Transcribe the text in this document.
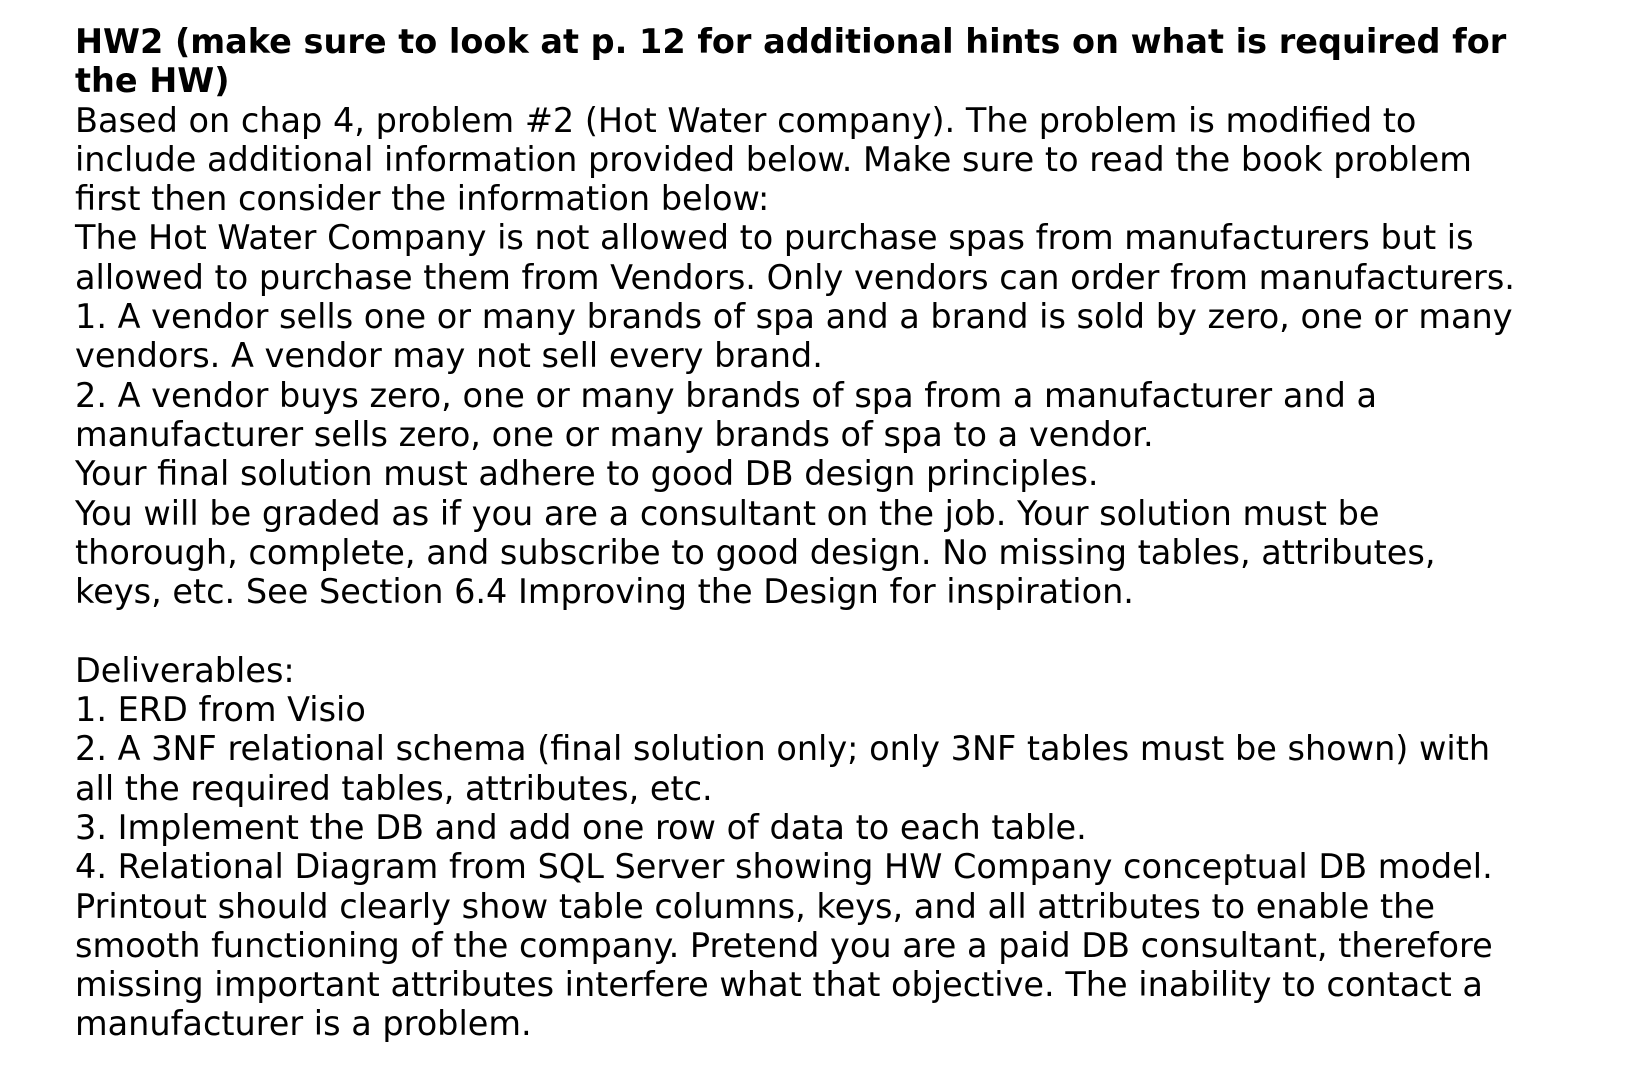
HW2 (make sure to look at p. 12 for additional hints on what is required for

the HW)

Based on chap 4, problem #2 (Hot Water company). The problem is modified to

include additional information provided below. Make sure to read the book problem

first then consider the information below:

The Hot Water Company is not allowed to purchase spas from manufacturers but is

allowed to purchase them from Vendors. Only vendors can order from manufacturers.

1. A vendor sells one or many brands of spa and a brand is sold by zero, one or many

vendors. A vendor may not sell every brand.

2. A vendor buys zero, one or many brands of spa from a manufacturer and a

manufacturer sells zero, one or many brands of spa to a vendor.

Your final solution must adhere to good DB design principles.

You will be graded as if you are a consultant on the job. Your solution must be

thorough, complete, and subscribe to good design. No missing tables, attributes,

keys, etc. See Section 6.4 Improving the Design for inspiration.

Deliverables:

1. ERD from Visio

2. A 3NF relational schema (final solution only; only 3NF tables must be shown) with

all the required tables, attributes, etc.

3. Implement the DB and add one row of data to each table.

4. Relational Diagram from SQL Server showing HW Company conceptual DB model.

Printout should clearly show table columns, keys, and all attributes to enable the

smooth functioning of the company. Pretend you are a paid DB consultant, therefore

missing important attributes interfere what that objective. The inability to contact a

manufacturer is a problem.
